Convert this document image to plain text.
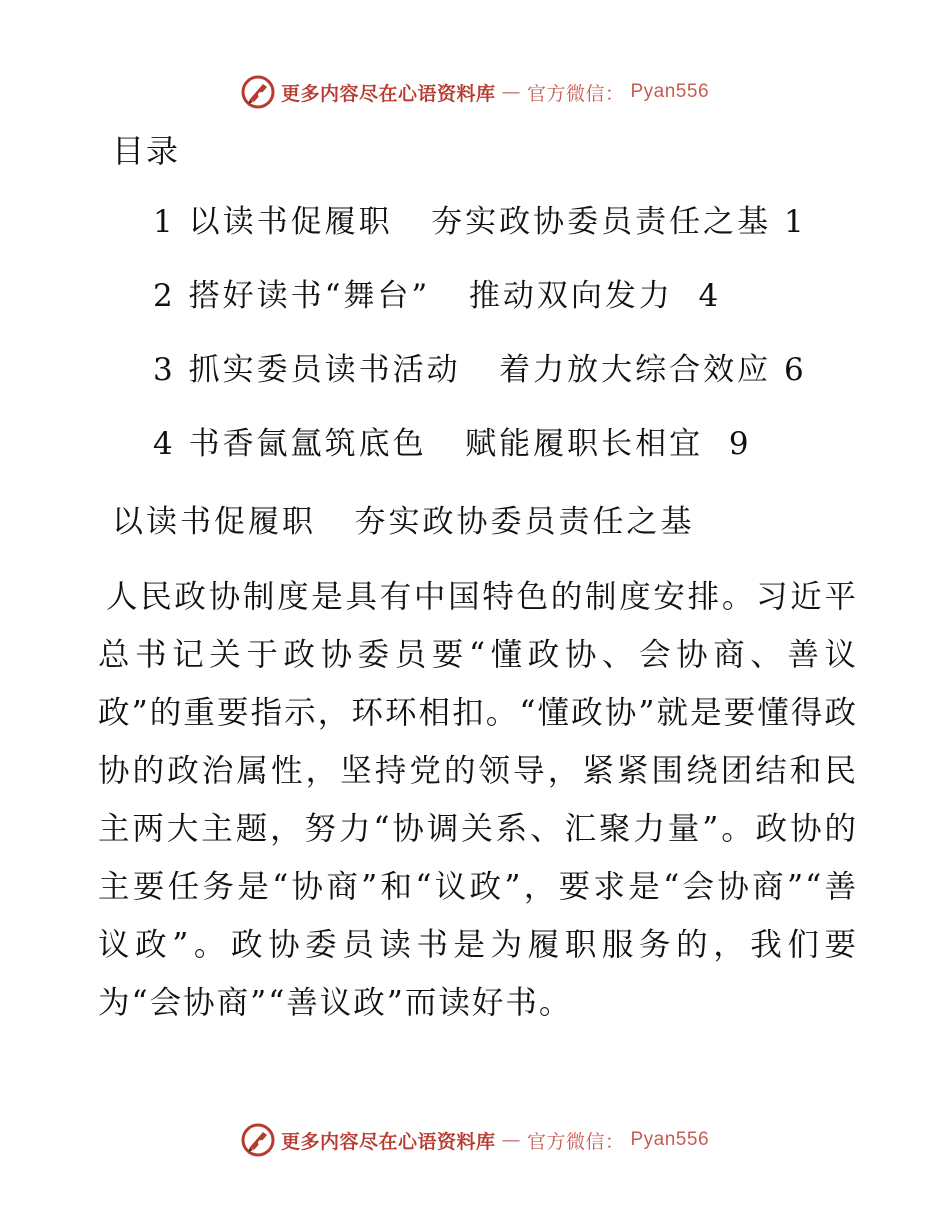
更多内容尽在心语资料库 — 官方微信： Pyan556
目录
1 以读书促履职   夯实政协委员责任之基 1
2 搭好读书“舞台”   推动双向发力  4
3 抓实委员读书活动   着力放大综合效应 6
4 书香氤氲筑底色   赋能履职长相宜  9
以读书促履职   夯实政协委员责任之基

人民政协制度是具有中国特色的制度安排。习近平总书记关于政协委员要“懂政协、会协商、善议政”的重要指示，环环相扣。“懂政协”就是要懂得政协的政治属性，坚持党的领导，紧紧围绕团结和民主两大主题，努力“协调关系、汇聚力量”。政协的主要任务是“协商”和“议政”，要求是“会协商”“善议政”。政协委员读书是为履职服务的，我们要为“会协商”“善议政”而读好书。

更多内容尽在心语资料库 — 官方微信： Pyan556
